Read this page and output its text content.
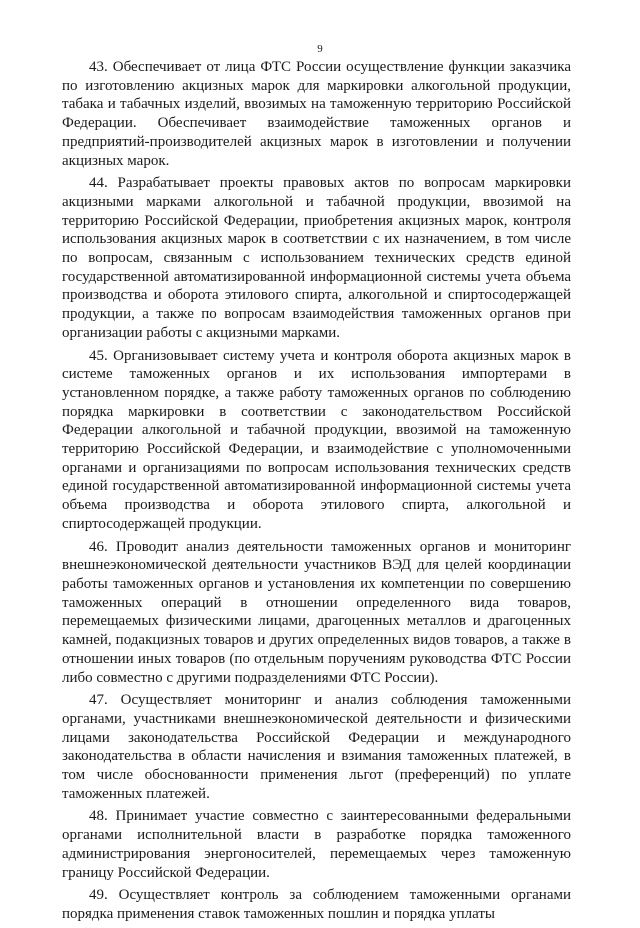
9

43. Обеспечивает от лица ФТС России осуществление функции заказчика по изготовлению акцизных марок для маркировки алкогольной продукции, табака и табачных изделий, ввозимых на таможенную территорию Российской Федерации. Обеспечивает взаимодействие таможенных органов и предприятий-производителей акцизных марок в изготовлении и получении акцизных марок.

44. Разрабатывает проекты правовых актов по вопросам маркировки акцизными марками алкогольной и табачной продукции, ввозимой на территорию Российской Федерации, приобретения акцизных марок, контроля использования акцизных марок в соответствии с их назначением, в том числе по вопросам, связанным с использованием технических средств единой государственной автоматизированной информационной системы учета объема производства и оборота этилового спирта, алкогольной и спиртосодержащей продукции, а также по вопросам взаимодействия таможенных органов при организации работы с акцизными марками.

45. Организовывает систему учета и контроля оборота акцизных марок в системе таможенных органов и их использования импортерами в установленном порядке, а также работу таможенных органов по соблюдению порядка маркировки в соответствии с законодательством Российской Федерации алкогольной и табачной продукции, ввозимой на таможенную территорию Российской Федерации, и взаимодействие с уполномоченными органами и организациями по вопросам использования технических средств единой государственной автоматизированной информационной системы учета объема производства и оборота этилового спирта, алкогольной и спиртосодержащей продукции.

46. Проводит анализ деятельности таможенных органов и мониторинг внешнеэкономической деятельности участников ВЭД для целей координации работы таможенных органов и установления их компетенции по совершению таможенных операций в отношении определенного вида товаров, перемещаемых физическими лицами, драгоценных металлов и драгоценных камней, подакцизных товаров и других определенных видов товаров, а также в отношении иных товаров (по отдельным поручениям руководства ФТС России либо совместно с другими подразделениями ФТС России).

47. Осуществляет мониторинг и анализ соблюдения таможенными органами, участниками внешнеэкономической деятельности и физическими лицами законодательства Российской Федерации и международного законодательства в области начисления и взимания таможенных платежей, в том числе обоснованности применения льгот (преференций) по уплате таможенных платежей.

48. Принимает участие совместно с заинтересованными федеральными органами исполнительной власти в разработке порядка таможенного администрирования энергоносителей, перемещаемых через таможенную границу Российской Федерации.

49. Осуществляет контроль за соблюдением таможенными органами порядка применения ставок таможенных пошлин и порядка уплаты
